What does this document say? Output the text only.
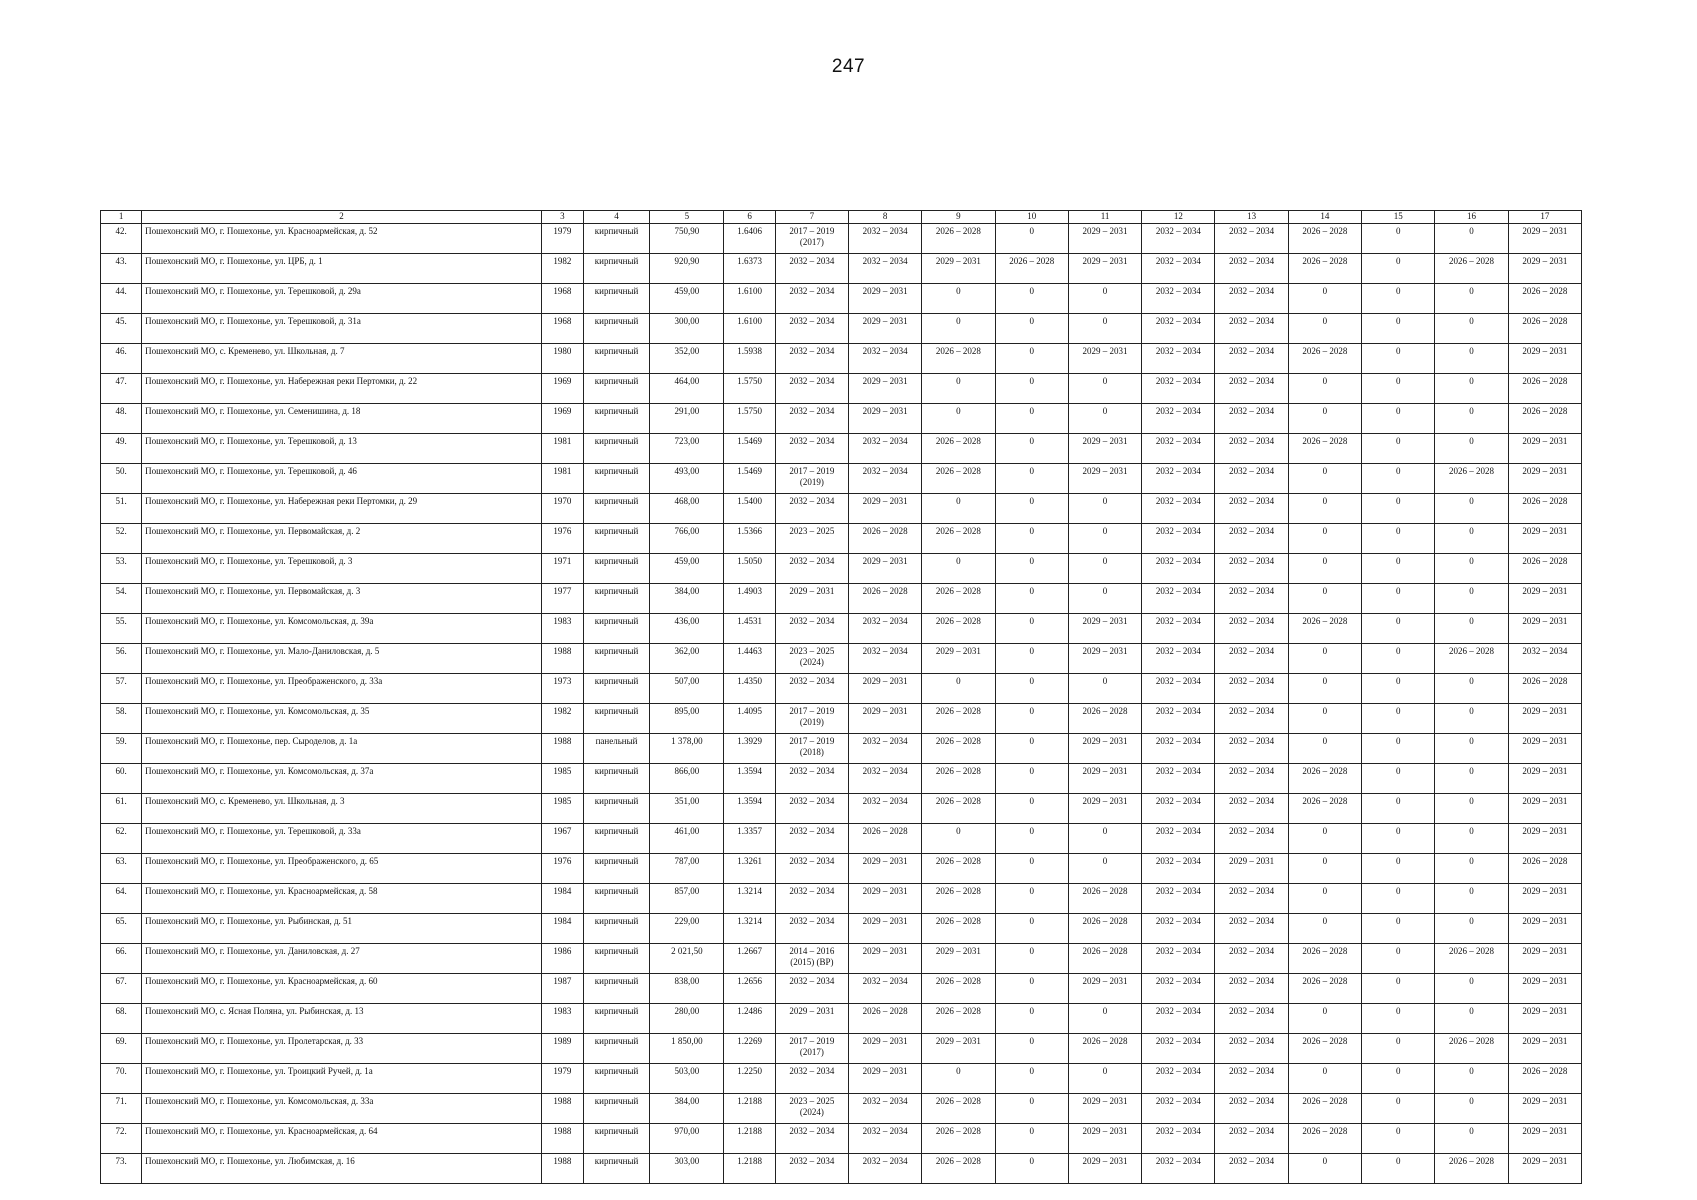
247
1	2	3	4	5	6	7	8	9	10	11	12	13	14	15	16	17
42.	Пошехонский МО, г. Пошехонье, ул. Красноармейская, д. 52	1979	кирпичный	750,90	1.6406	2017 – 2019 (2017)	2032 – 2034	2026 – 2028	0	2029 – 2031	2032 – 2034	2032 – 2034	2026 – 2028	0	0	2029 – 2031
43.	Пошехонский МО, г. Пошехонье, ул. ЦРБ, д. 1	1982	кирпичный	920,90	1.6373	2032 – 2034	2032 – 2034	2029 – 2031	2026 – 2028	2029 – 2031	2032 – 2034	2032 – 2034	2026 – 2028	0	2026 – 2028	2029 – 2031
44.	Пошехонский МО, г. Пошехонье, ул. Терешковой, д. 29а	1968	кирпичный	459,00	1.6100	2032 – 2034	2029 – 2031	0	0	0	2032 – 2034	2032 – 2034	0	0	0	2026 – 2028
45.	Пошехонский МО, г. Пошехонье, ул. Терешковой, д. 31а	1968	кирпичный	300,00	1.6100	2032 – 2034	2029 – 2031	0	0	0	2032 – 2034	2032 – 2034	0	0	0	2026 – 2028
46.	Пошехонский МО, с. Кременево, ул. Школьная, д. 7	1980	кирпичный	352,00	1.5938	2032 – 2034	2032 – 2034	2026 – 2028	0	2029 – 2031	2032 – 2034	2032 – 2034	2026 – 2028	0	0	2029 – 2031
47.	Пошехонский МО, г. Пошехонье, ул. Набережная реки Пертомки, д. 22	1969	кирпичный	464,00	1.5750	2032 – 2034	2029 – 2031	0	0	0	2032 – 2034	2032 – 2034	0	0	0	2026 – 2028
48.	Пошехонский МО, г. Пошехонье, ул. Семенишина, д. 18	1969	кирпичный	291,00	1.5750	2032 – 2034	2029 – 2031	0	0	0	2032 – 2034	2032 – 2034	0	0	0	2026 – 2028
49.	Пошехонский МО, г. Пошехонье, ул. Терешковой, д. 13	1981	кирпичный	723,00	1.5469	2032 – 2034	2032 – 2034	2026 – 2028	0	2029 – 2031	2032 – 2034	2032 – 2034	2026 – 2028	0	0	2029 – 2031
50.	Пошехонский МО, г. Пошехонье, ул. Терешковой, д. 46	1981	кирпичный	493,00	1.5469	2017 – 2019 (2019)	2032 – 2034	2026 – 2028	0	2029 – 2031	2032 – 2034	2032 – 2034	0	0	2026 – 2028	2029 – 2031
51.	Пошехонский МО, г. Пошехонье, ул. Набережная реки Пертомки, д. 29	1970	кирпичный	468,00	1.5400	2032 – 2034	2029 – 2031	0	0	0	2032 – 2034	2032 – 2034	0	0	0	2026 – 2028
52.	Пошехонский МО, г. Пошехонье, ул. Первомайская, д. 2	1976	кирпичный	766,00	1.5366	2023 – 2025	2026 – 2028	2026 – 2028	0	0	2032 – 2034	2032 – 2034	0	0	0	2029 – 2031
53.	Пошехонский МО, г. Пошехонье, ул. Терешковой, д. 3	1971	кирпичный	459,00	1.5050	2032 – 2034	2029 – 2031	0	0	0	2032 – 2034	2032 – 2034	0	0	0	2026 – 2028
54.	Пошехонский МО, г. Пошехонье, ул. Первомайская, д. 3	1977	кирпичный	384,00	1.4903	2029 – 2031	2026 – 2028	2026 – 2028	0	0	2032 – 2034	2032 – 2034	0	0	0	2029 – 2031
55.	Пошехонский МО, г. Пошехонье, ул. Комсомольская, д. 39а	1983	кирпичный	436,00	1.4531	2032 – 2034	2032 – 2034	2026 – 2028	0	2029 – 2031	2032 – 2034	2032 – 2034	2026 – 2028	0	0	2029 – 2031
56.	Пошехонский МО, г. Пошехонье, ул. Мало-Даниловская, д. 5	1988	кирпичный	362,00	1.4463	2023 – 2025 (2024)	2032 – 2034	2029 – 2031	0	2029 – 2031	2032 – 2034	2032 – 2034	0	0	2026 – 2028	2032 – 2034
57.	Пошехонский МО, г. Пошехонье, ул. Преображенского, д. 33а	1973	кирпичный	507,00	1.4350	2032 – 2034	2029 – 2031	0	0	0	2032 – 2034	2032 – 2034	0	0	0	2026 – 2028
58.	Пошехонский МО, г. Пошехонье, ул. Комсомольская, д. 35	1982	кирпичный	895,00	1.4095	2017 – 2019 (2019)	2029 – 2031	2026 – 2028	0	2026 – 2028	2032 – 2034	2032 – 2034	0	0	0	2029 – 2031
59.	Пошехонский МО, г. Пошехонье, пер. Сыроделов, д. 1а	1988	панельный	1 378,00	1.3929	2017 – 2019 (2018)	2032 – 2034	2026 – 2028	0	2029 – 2031	2032 – 2034	2032 – 2034	0	0	0	2029 – 2031
60.	Пошехонский МО, г. Пошехонье, ул. Комсомольская, д. 37а	1985	кирпичный	866,00	1.3594	2032 – 2034	2032 – 2034	2026 – 2028	0	2029 – 2031	2032 – 2034	2032 – 2034	2026 – 2028	0	0	2029 – 2031
61.	Пошехонский МО, с. Кременево, ул. Школьная, д. 3	1985	кирпичный	351,00	1.3594	2032 – 2034	2032 – 2034	2026 – 2028	0	2029 – 2031	2032 – 2034	2032 – 2034	2026 – 2028	0	0	2029 – 2031
62.	Пошехонский МО, г. Пошехонье, ул. Терешковой, д. 33а	1967	кирпичный	461,00	1.3357	2032 – 2034	2026 – 2028	0	0	0	2032 – 2034	2032 – 2034	0	0	0	2029 – 2031
63.	Пошехонский МО, г. Пошехонье, ул. Преображенского, д. 65	1976	кирпичный	787,00	1.3261	2032 – 2034	2029 – 2031	2026 – 2028	0	0	2032 – 2034	2029 – 2031	0	0	0	2026 – 2028
64.	Пошехонский МО, г. Пошехонье, ул. Красноармейская, д. 58	1984	кирпичный	857,00	1.3214	2032 – 2034	2029 – 2031	2026 – 2028	0	2026 – 2028	2032 – 2034	2032 – 2034	0	0	0	2029 – 2031
65.	Пошехонский МО, г. Пошехонье, ул. Рыбинская, д. 51	1984	кирпичный	229,00	1.3214	2032 – 2034	2029 – 2031	2026 – 2028	0	2026 – 2028	2032 – 2034	2032 – 2034	0	0	0	2029 – 2031
66.	Пошехонский МО, г. Пошехонье, ул. Даниловская, д. 27	1986	кирпичный	2 021,50	1.2667	2014 – 2016 (2015) (ВР)	2029 – 2031	2029 – 2031	0	2026 – 2028	2032 – 2034	2032 – 2034	2026 – 2028	0	2026 – 2028	2029 – 2031
67.	Пошехонский МО, г. Пошехонье, ул. Красноармейская, д. 60	1987	кирпичный	838,00	1.2656	2032 – 2034	2032 – 2034	2026 – 2028	0	2029 – 2031	2032 – 2034	2032 – 2034	2026 – 2028	0	0	2029 – 2031
68.	Пошехонский МО, с. Ясная Поляна, ул. Рыбинская, д. 13	1983	кирпичный	280,00	1.2486	2029 – 2031	2026 – 2028	2026 – 2028	0	0	2032 – 2034	2032 – 2034	0	0	0	2029 – 2031
69.	Пошехонский МО, г. Пошехонье, ул. Пролетарская, д. 33	1989	кирпичный	1 850,00	1.2269	2017 – 2019 (2017)	2029 – 2031	2029 – 2031	0	2026 – 2028	2032 – 2034	2032 – 2034	2026 – 2028	0	2026 – 2028	2029 – 2031
70.	Пошехонский МО, г. Пошехонье, ул. Троицкий Ручей, д. 1а	1979	кирпичный	503,00	1.2250	2032 – 2034	2029 – 2031	0	0	0	2032 – 2034	2032 – 2034	0	0	0	2026 – 2028
71.	Пошехонский МО, г. Пошехонье, ул. Комсомольская, д. 33а	1988	кирпичный	384,00	1.2188	2023 – 2025 (2024)	2032 – 2034	2026 – 2028	0	2029 – 2031	2032 – 2034	2032 – 2034	2026 – 2028	0	0	2029 – 2031
72.	Пошехонский МО, г. Пошехонье, ул. Красноармейская, д. 64	1988	кирпичный	970,00	1.2188	2032 – 2034	2032 – 2034	2026 – 2028	0	2029 – 2031	2032 – 2034	2032 – 2034	2026 – 2028	0	0	2029 – 2031
73.	Пошехонский МО, г. Пошехонье, ул. Любимская, д. 16	1988	кирпичный	303,00	1.2188	2032 – 2034	2032 – 2034	2026 – 2028	0	2029 – 2031	2032 – 2034	2032 – 2034	0	0	2026 – 2028	2029 – 2031
